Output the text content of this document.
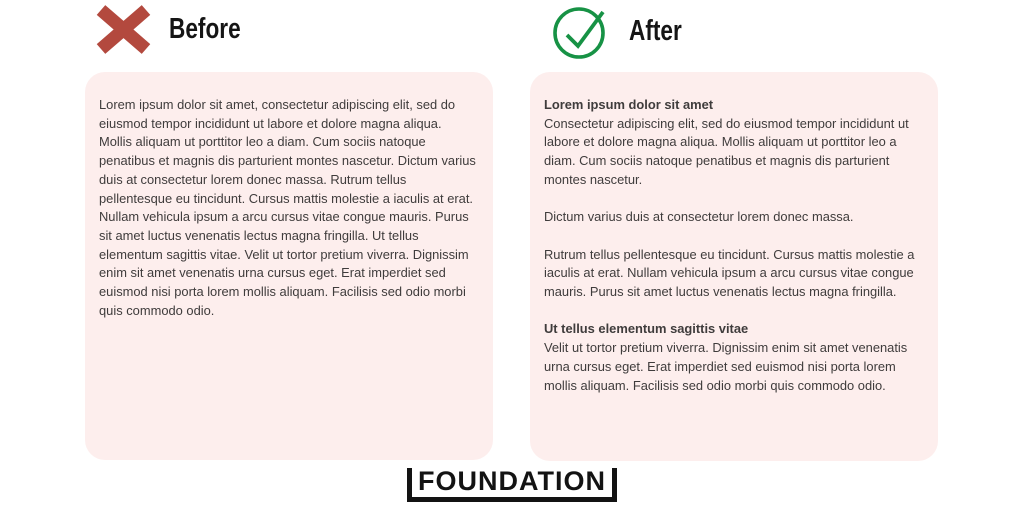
Before	After

Lorem ipsum dolor sit amet, consectetur adipiscing elit, sed do eiusmod tempor incididunt ut labore et dolore magna aliqua. Mollis aliquam ut porttitor leo a diam. Cum sociis natoque penatibus et magnis dis parturient montes nascetur. Dictum varius duis at consectetur lorem donec massa. Rutrum tellus pellentesque eu tincidunt. Cursus mattis molestie a iaculis at erat. Nullam vehicula ipsum a arcu cursus vitae congue mauris. Purus sit amet luctus venenatis lectus magna fringilla. Ut tellus elementum sagittis vitae. Velit ut tortor pretium viverra. Dignissim enim sit amet venenatis urna cursus eget. Erat imperdiet sed euismod nisi porta lorem mollis aliquam. Facilisis sed odio morbi quis commodo odio.

Lorem ipsum dolor sit amet

Consectetur adipiscing elit, sed do eiusmod tempor incididunt ut labore et dolore magna aliqua. Mollis aliquam ut porttitor leo a diam. Cum sociis natoque penatibus et magnis dis parturient montes nascetur.

Dictum varius duis at consectetur lorem donec massa.

Rutrum tellus pellentesque eu tincidunt. Cursus mattis molestie a iaculis at erat. Nullam vehicula ipsum a arcu cursus vitae congue mauris. Purus sit amet luctus venenatis lectus magna fringilla.

Ut tellus elementum sagittis vitae

Velit ut tortor pretium viverra. Dignissim enim sit amet venenatis urna cursus eget. Erat imperdiet sed euismod nisi porta lorem mollis aliquam. Facilisis sed odio morbi quis commodo odio.

FOUNDATION
